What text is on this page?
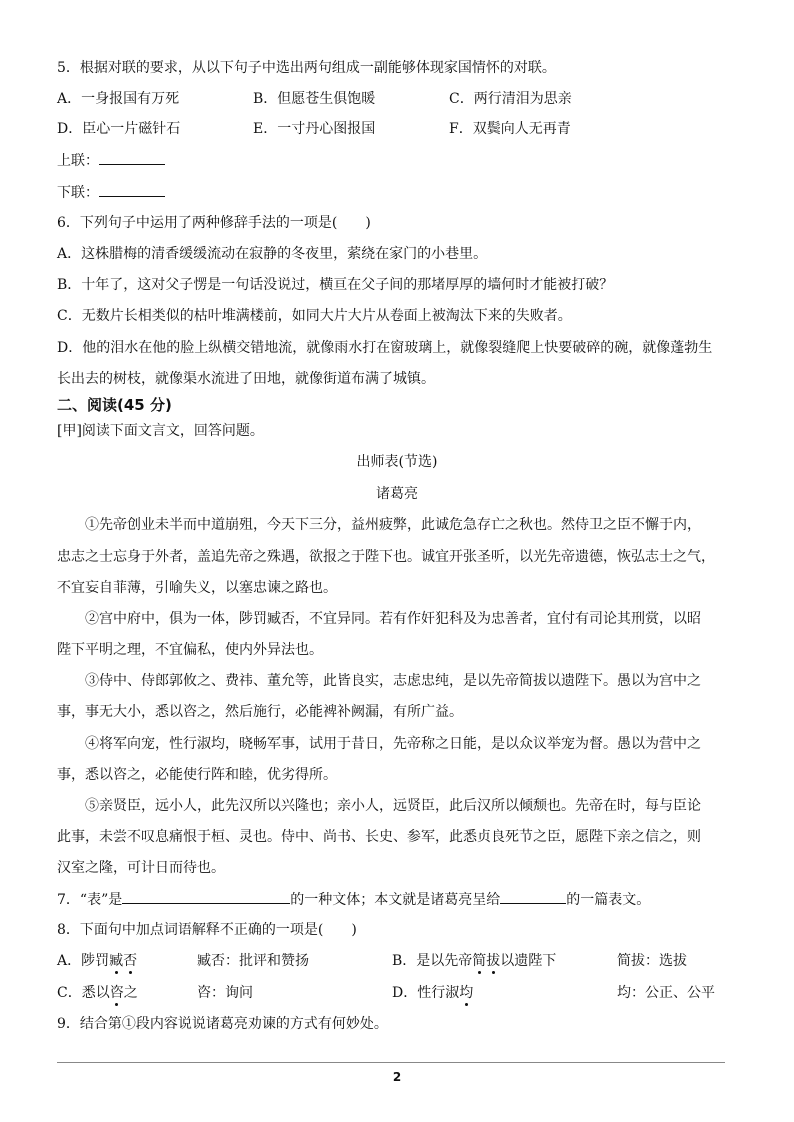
5．根据对联的要求，从以下句子中选出两句组成一副能够体现家国情怀的对联。
A．一身报国有万死	B．但愿苍生俱饱暖	C．两行清泪为思亲
D．臣心一片磁针石	E．一寸丹心图报国	F．双鬓向人无再青
上联：
下联：
6．下列句子中运用了两种修辞手法的一项是(　　)
A．这株腊梅的清香缓缓流动在寂静的冬夜里，萦绕在家门的小巷里。
B．十年了，这对父子愣是一句话没说过，横亘在父子间的那堵厚厚的墙何时才能被打破？
C．无数片长相类似的枯叶堆满楼前，如同大片大片从卷面上被淘汰下来的失败者。
D．他的泪水在他的脸上纵横交错地流，就像雨水打在窗玻璃上，就像裂缝爬上快要破碎的碗，就像蓬勃生
长出去的树枝，就像渠水流进了田地，就像街道布满了城镇。
二、阅读(45 分)
[甲]阅读下面文言文，回答问题。
出师表(节选)
诸葛亮
①先帝创业未半而中道崩殂，今天下三分，益州疲弊，此诚危急存亡之秋也。然侍卫之臣不懈于内，
忠志之士忘身于外者，盖追先帝之殊遇，欲报之于陛下也。诚宜开张圣听，以光先帝遗德，恢弘志士之气，
不宜妄自菲薄，引喻失义，以塞忠谏之路也。
②宫中府中，俱为一体，陟罚臧否，不宜异同。若有作奸犯科及为忠善者，宜付有司论其刑赏，以昭
陛下平明之理，不宜偏私，使内外异法也。
③侍中、侍郎郭攸之、费祎、董允等，此皆良实，志虑忠纯，是以先帝简拔以遗陛下。愚以为宫中之
事，事无大小，悉以咨之，然后施行，必能裨补阙漏，有所广益。
④将军向宠，性行淑均，晓畅军事，试用于昔日，先帝称之日能，是以众议举宠为督。愚以为营中之
事，悉以咨之，必能使行阵和睦，优劣得所。
⑤亲贤臣，远小人，此先汉所以兴隆也；亲小人，远贤臣，此后汉所以倾颓也。先帝在时，每与臣论
此事，未尝不叹息痛恨于桓、灵也。侍中、尚书、长史、参军，此悉贞良死节之臣，愿陛下亲之信之，则
汉室之隆，可计日而待也。
7．“表”是	的一种文体；本文就是诸葛亮呈给	的一篇表文。
8．下面句中加点词语解释不正确的一项是(　　)
A．陟罚臧否	臧否：批评和赞扬	B．是以先帝简拔以遗陛下	简拔：选拔
C．悉以咨之	咨：询问	D．性行淑均	均：公正、公平
9．结合第①段内容说说诸葛亮劝谏的方式有何妙处。
2
